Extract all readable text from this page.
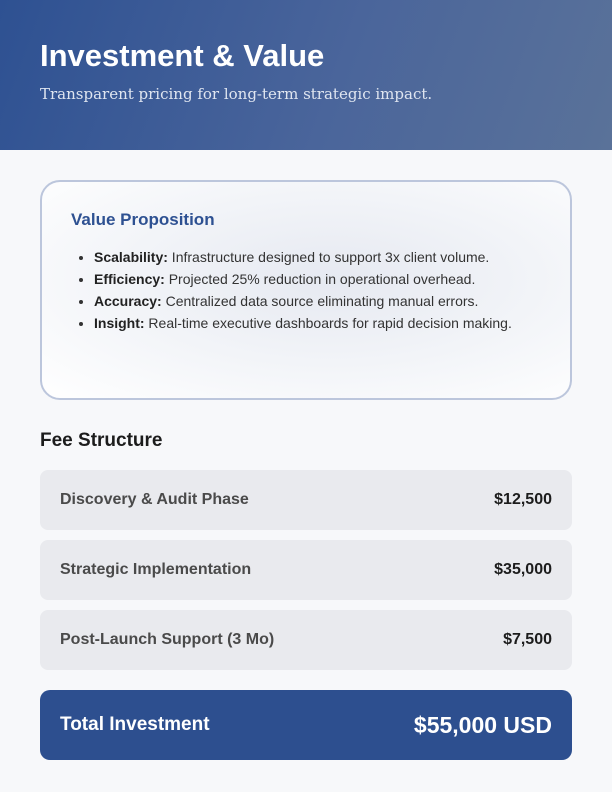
Investment & Value
Transparent pricing for long-term strategic impact.
Value Proposition
• Scalability: Infrastructure designed to support 3x client volume.
• Efficiency: Projected 25% reduction in operational overhead.
• Accuracy: Centralized data source eliminating manual errors.
• Insight: Real-time executive dashboards for rapid decision making.
Fee Structure
Discovery & Audit Phase	$12,500
Strategic Implementation	$35,000
Post-Launch Support (3 Mo)	$7,500
Total Investment	$55,000 USD
